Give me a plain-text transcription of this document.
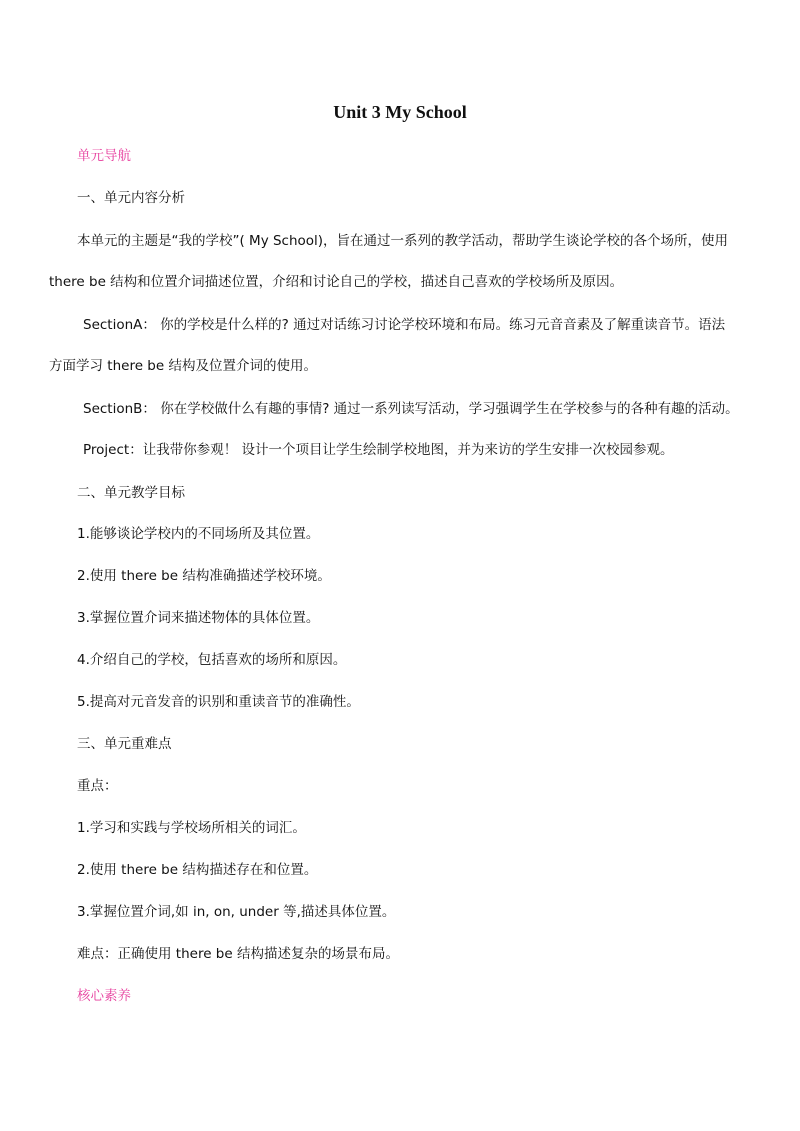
Unit 3 My School
单元导航
一、单元内容分析
本单元的主题是“我的学校”( My School)，旨在通过一系列的教学活动，帮助学生谈论学校的各个场所，使用
there be 结构和位置介词描述位置，介绍和讨论自己的学校，描述自己喜欢的学校场所及原因。
SectionA： 你的学校是什么样的? 通过对话练习讨论学校环境和布局。练习元音音素及了解重读音节。语法
方面学习 there be 结构及位置介词的使用。
SectionB： 你在学校做什么有趣的事情? 通过一系列读写活动，学习强调学生在学校参与的各种有趣的活动。
Project：让我带你参观！ 设计一个项目让学生绘制学校地图，并为来访的学生安排一次校园参观。
二、单元教学目标
1.能够谈论学校内的不同场所及其位置。
2.使用 there be 结构准确描述学校环境。
3.掌握位置介词来描述物体的具体位置。
4.介绍自己的学校，包括喜欢的场所和原因。
5.提高对元音发音的识别和重读音节的准确性。
三、单元重难点
重点：
1.学习和实践与学校场所相关的词汇。
2.使用 there be 结构描述存在和位置。
3.掌握位置介词,如 in, on, under 等,描述具体位置。
难点：正确使用 there be 结构描述复杂的场景布局。
核心素养
